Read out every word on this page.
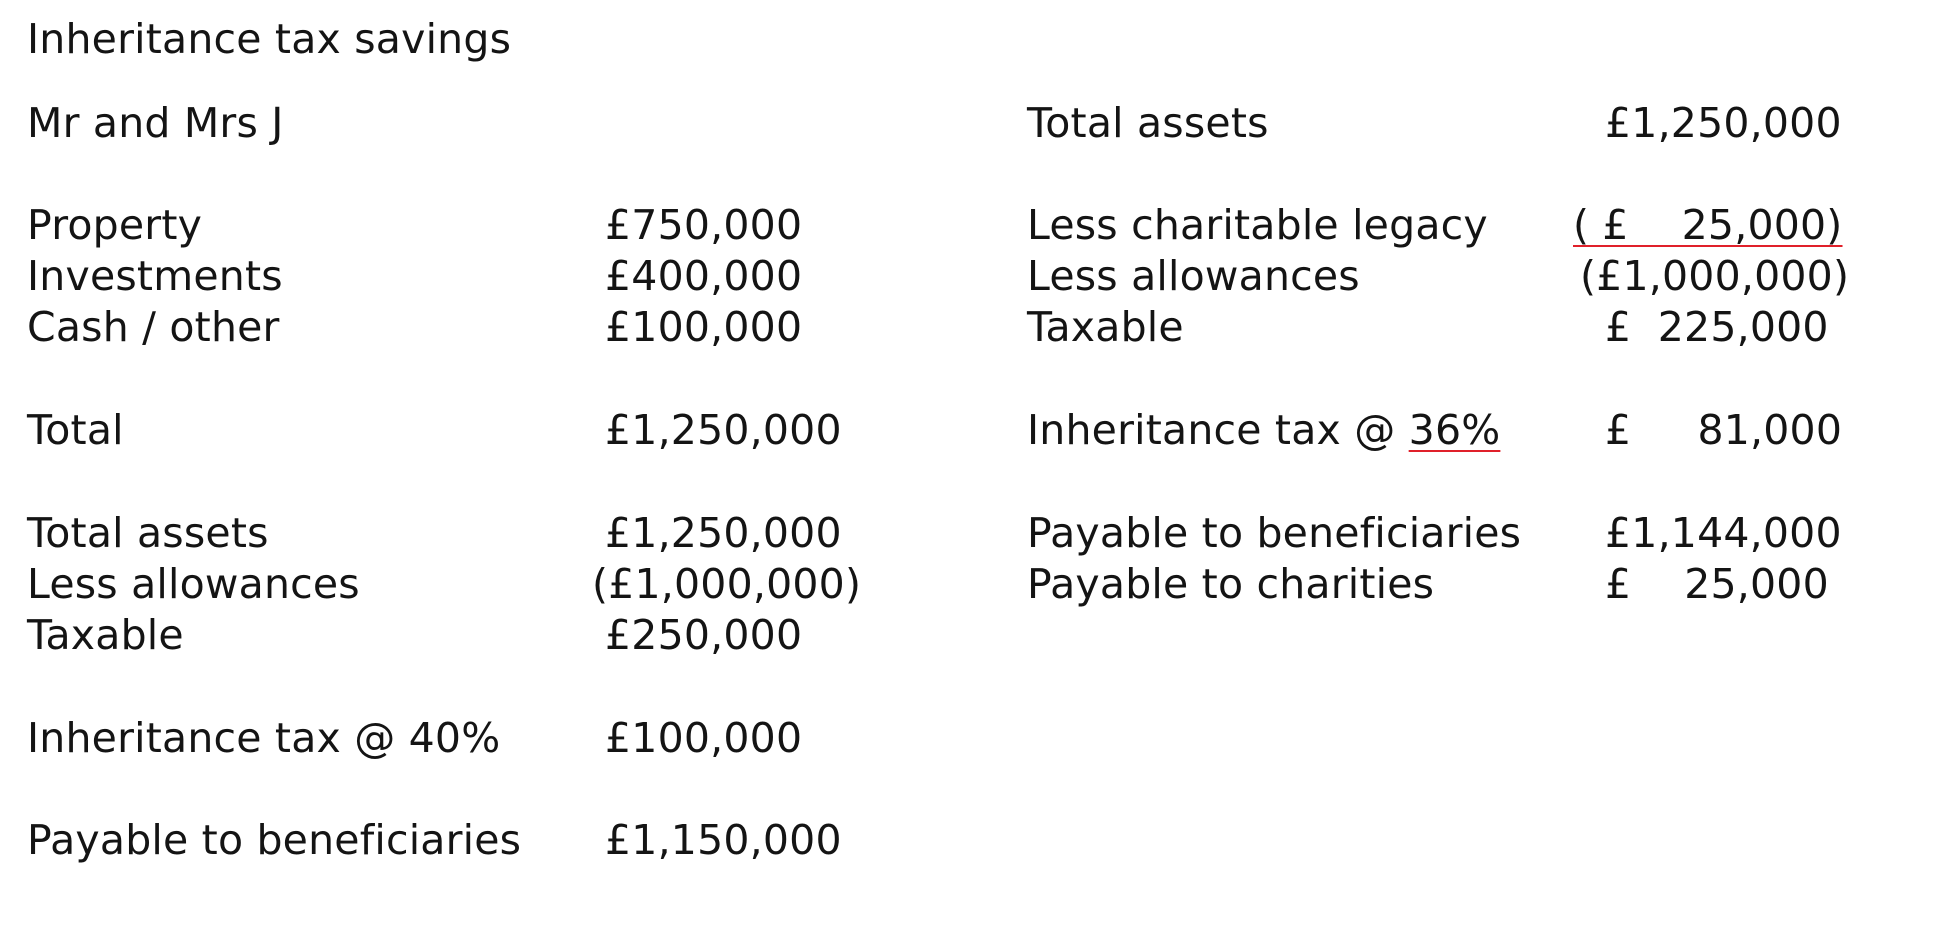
Inheritance tax savings
Mr and Mrs J
Property	£750,000
Investments	£400,000
Cash / other	£100,000
Total	£1,250,000
Total assets	£1,250,000
Less allowances	(£1,000,000)
Taxable	£250,000
Inheritance tax @ 40%	£100,000
Payable to beneficiaries £1,150,000
Total assets	£1,250,000
Less charitable legacy ( £    25,000)
Less allowances	(£1,000,000)
Taxable	£  225,000
Inheritance tax @ 36%	£     81,000
Payable to beneficiaries £1,144,000
Payable to charities	£    25,000
